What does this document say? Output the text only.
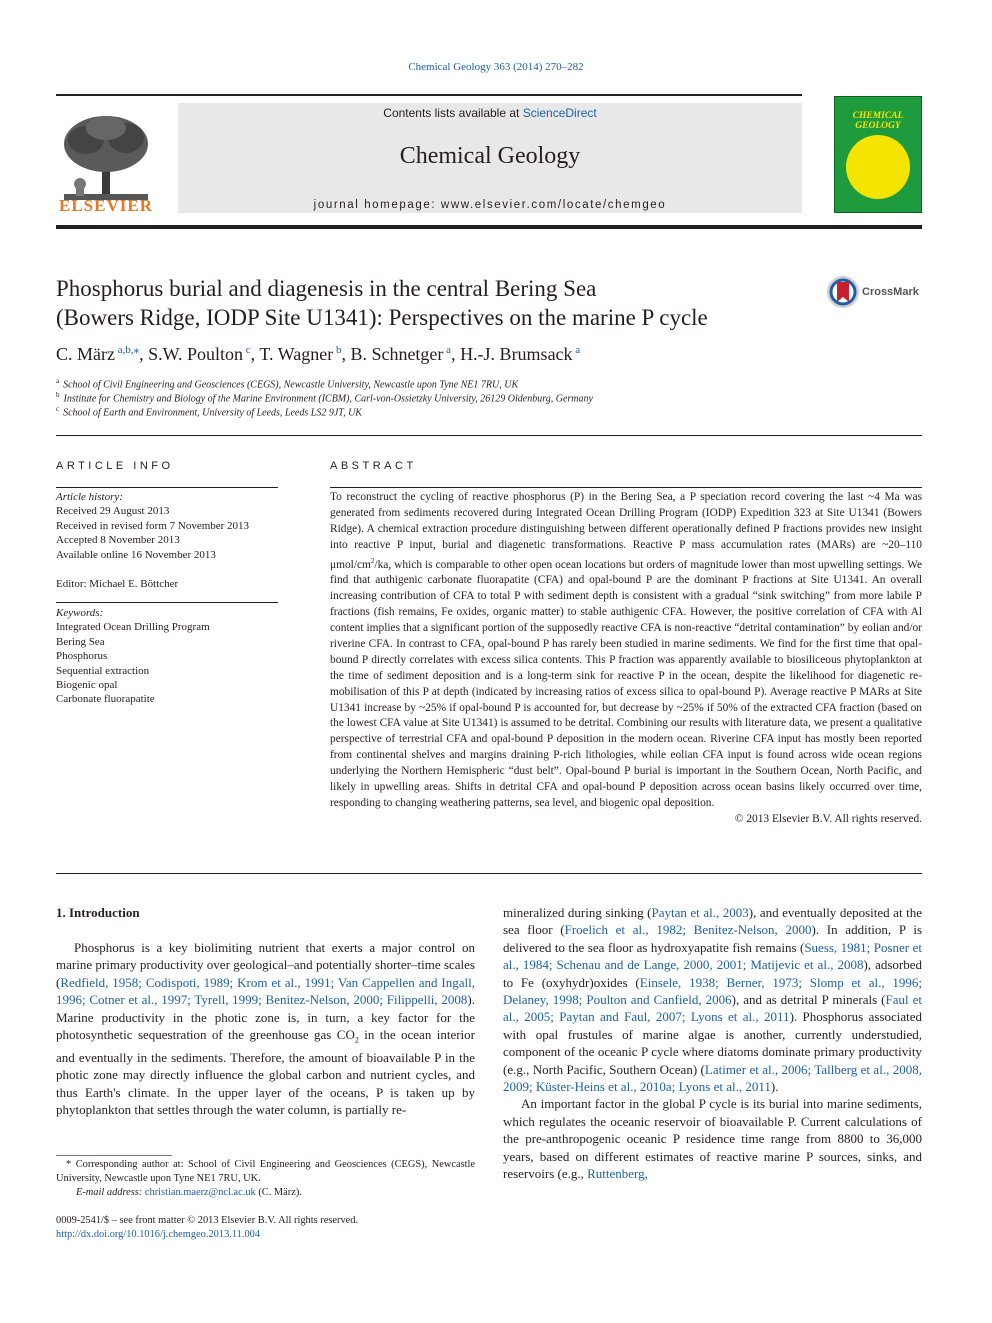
Chemical Geology 363 (2014) 270–282
ELSEVIER
Contents lists available at ScienceDirect
Chemical Geology
journal homepage: www.elsevier.com/locate/chemgeo
CHEMICAL
GEOLOGY
Phosphorus burial and diagenesis in the central Bering Sea
(Bowers Ridge, IODP Site U1341): Perspectives on the marine P cycle
CrossMark
C. März $^{a,b,⁎}$, S.W. Poulton $^c$, T. Wagner $^b$, B. Schnetger $^a$, H.-J. Brumsack $^a$
$^a$ School of Civil Engineering and Geosciences (CEGS), Newcastle University, Newcastle upon Tyne NE1 7RU, UK
$^b$ Institute for Chemistry and Biology of the Marine Environment (ICBM), Carl-von-Ossietzky University, 26129 Oldenburg, Germany
$^c$ School of Earth and Environment, University of Leeds, Leeds LS2 9JT, UK
ARTICLE INFO
Article history:
Received 29 August 2013
Received in revised form 7 November 2013
Accepted 8 November 2013
Available online 16 November 2013
Editor: Michael E. Böttcher
Keywords:
Integrated Ocean Drilling Program
Bering Sea
Phosphorus
Sequential extraction
Biogenic opal
Carbonate fluorapatite
ABSTRACT
To reconstruct the cycling of reactive phosphorus (P) in the Bering Sea, a P speciation record covering the last ~4 Ma was generated from sediments recovered during Integrated Ocean Drilling Program (IODP) Expedition 323 at Site U1341 (Bowers Ridge). A chemical extraction procedure distinguishing between different operationally defined P fractions provides new insight into reactive P input, burial and diagenetic transformations. Reactive P mass accumulation rates (MARs) are ~20–110 μmol/$cm^2/ka$, which is comparable to other open ocean locations but orders of magnitude lower than most upwelling settings. We find that authigenic carbonate fluorapatite (CFA) and opal-bound P are the dominant P fractions at Site U1341. An overall increasing contribution of CFA to total P with sediment depth is consistent with a gradual “sink switching” from more labile P fractions (fish remains, Fe oxides, organic matter) to stable authigenic CFA. However, the positive correlation of CFA with Al content implies that a significant portion of the supposedly reactive CFA is non-reactive “detrital contamination” by eolian and/or riverine CFA. In contrast to CFA, opal-bound P has rarely been studied in marine sediments. We find for the first time that opal-bound P directly correlates with excess silica contents. This P fraction was apparently available to biosiliceous phytoplankton at the time of sediment deposition and is a long-term sink for reactive P in the ocean, despite the likelihood for diagenetic re-mobilisation of this P at depth (indicated by increasing ratios of excess silica to opal-bound P). Average reactive P MARs at Site U1341 increase by ~25% if opal-bound P is accounted for, but decrease by ~25% if 50% of the extracted CFA fraction (based on the lowest CFA value at Site U1341) is assumed to be detrital. Combining our results with literature data, we present a qualitative perspective of terrestrial CFA and opal-bound P deposition in the modern ocean. Riverine CFA input has mostly been reported from continental shelves and margins draining P-rich lithologies, while eolian CFA input is found across wide ocean regions underlying the Northern Hemispheric “dust belt”. Opal-bound P burial is important in the Southern Ocean, North Pacific, and likely in upwelling areas. Shifts in detrital CFA and opal-bound P deposition across ocean basins likely occurred over time, responding to changing weathering patterns, sea level, and biogenic opal deposition.
© 2013 Elsevier B.V. All rights reserved.
1. Introduction

Phosphorus is a key biolimiting nutrient that exerts a major control on marine primary productivity over geological–and potentially shorter–time scales (Redfield, 1958; Codispoti, 1989; Krom et al., 1991; Van Cappellen and Ingall, 1996; Cotner et al., 1997; Tyrell, 1999; Benitez-Nelson, 2000; Filippelli, 2008). Marine productivity in the photic zone is, in turn, a key factor for the photosynthetic sequestration of the greenhouse gas $CO_2$ in the ocean interior and eventually in the sediments. Therefore, the amount of bioavailable P in the photic zone may directly influence the global carbon and nutrient cycles, and thus Earth's climate. In the upper layer of the oceans, P is taken up by phytoplankton that settles through the water column, is partially re-

mineralized during sinking (Paytan et al., 2003), and eventually deposited at the sea floor (Froelich et al., 1982; Benitez-Nelson, 2000). In addition, P is delivered to the sea floor as hydroxyapatite fish remains (Suess, 1981; Posner et al., 1984; Schenau and de Lange, 2000, 2001; Matijevic et al., 2008), adsorbed to Fe (oxyhydr)oxides (Einsele, 1938; Berner, 1973; Slomp et al., 1996; Delaney, 1998; Poulton and Canfield, 2006), and as detrital P minerals (Faul et al., 2005; Paytan and Faul, 2007; Lyons et al., 2011). Phosphorus associated with opal frustules of marine algae is another, currently understudied, component of the oceanic P cycle where diatoms dominate primary productivity (e.g., North Pacific, Southern Ocean) (Latimer et al., 2006; Tallberg et al., 2008, 2009; Küster-Heins et al., 2010a; Lyons et al., 2011).

An important factor in the global P cycle is its burial into marine sediments, which regulates the oceanic reservoir of bioavailable P. Current calculations of the pre-anthropogenic oceanic P residence time range from 8800 to 36,000 years, based on different estimates of reactive marine P sources, sinks, and reservoirs (e.g., Ruttenberg,

* Corresponding author at: School of Civil Engineering and Geosciences (CEGS), Newcastle University, Newcastle upon Tyne NE1 7RU, UK.
E-mail address: christian.maerz@ncl.ac.uk (C. März).
0009-2541/$ – see front matter © 2013 Elsevier B.V. All rights reserved.
http://dx.doi.org/10.1016/j.chemgeo.2013.11.004
